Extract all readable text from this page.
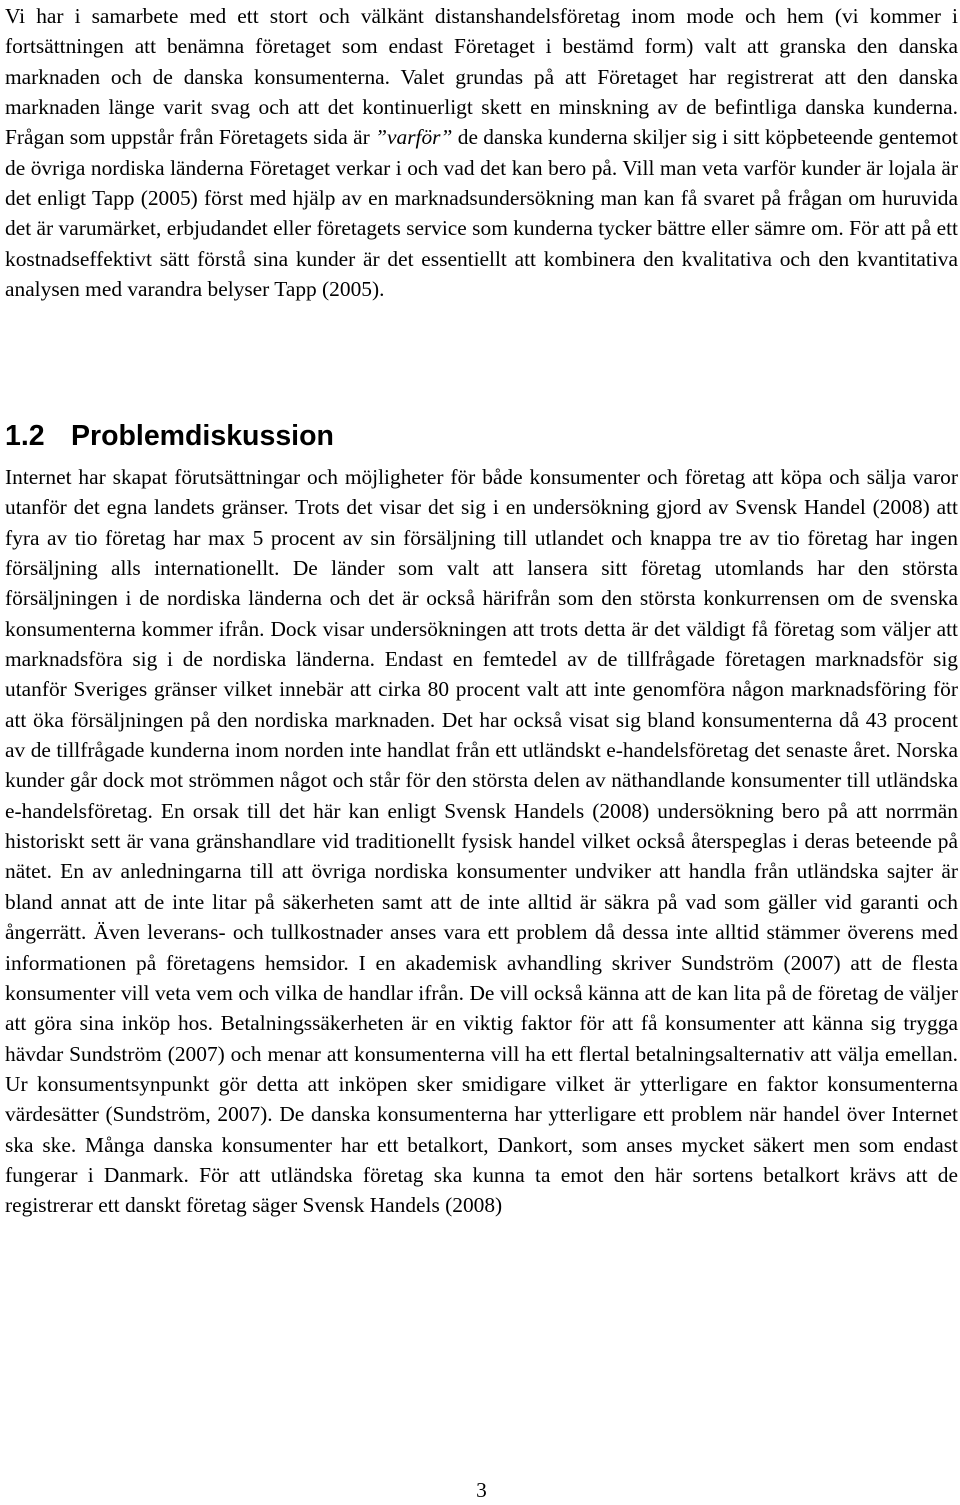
Vi har i samarbete med ett stort och välkänt distanshandelsföretag inom mode och hem (vi kommer i fortsättningen att benämna företaget som endast Företaget i bestämd form) valt att granska den danska marknaden och de danska konsumenterna. Valet grundas på att Företaget har registrerat att den danska marknaden länge varit svag och att det kontinuerligt skett en minskning av de befintliga danska kunderna. Frågan som uppstår från Företagets sida är ”varför” de danska kunderna skiljer sig i sitt köpbeteende gentemot de övriga nordiska länderna Företaget verkar i och vad det kan bero på. Vill man veta varför kunder är lojala är det enligt Tapp (2005) först med hjälp av en marknadsundersökning man kan få svaret på frågan om huruvida det är varumärket, erbjudandet eller företagets service som kunderna tycker bättre eller sämre om. För att på ett kostnadseffektivt sätt förstå sina kunder är det essentiellt att kombinera den kvalitativa och den kvantitativa analysen med varandra belyser Tapp (2005).

1.2 Problemdiskussion

Internet har skapat förutsättningar och möjligheter för både konsumenter och företag att köpa och sälja varor utanför det egna landets gränser. Trots det visar det sig i en undersökning gjord av Svensk Handel (2008) att fyra av tio företag har max 5 procent av sin försäljning till utlandet och knappa tre av tio företag har ingen försäljning alls internationellt. De länder som valt att lansera sitt företag utomlands har den största försäljningen i de nordiska länderna och det är också härifrån som den största konkurrensen om de svenska konsumenterna kommer ifrån. Dock visar undersökningen att trots detta är det väldigt få företag som väljer att marknadsföra sig i de nordiska länderna. Endast en femtedel av de tillfrågade företagen marknadsför sig utanför Sveriges gränser vilket innebär att cirka 80 procent valt att inte genomföra någon marknadsföring för att öka försäljningen på den nordiska marknaden. Det har också visat sig bland konsumenterna då 43 procent av de tillfrågade kunderna inom norden inte handlat från ett utländskt e-handelsföretag det senaste året. Norska kunder går dock mot strömmen något och står för den största delen av näthandlande konsumenter till utländska e-handelsföretag. En orsak till det här kan enligt Svensk Handels (2008) undersökning bero på att norrmän historiskt sett är vana gränshandlare vid traditionellt fysisk handel vilket också återspeglas i deras beteende på nätet. En av anledningarna till att övriga nordiska konsumenter undviker att handla från utländska sajter är bland annat att de inte litar på säkerheten samt att de inte alltid är säkra på vad som gäller vid garanti och ångerrätt. Även leverans- och tullkostnader anses vara ett problem då dessa inte alltid stämmer överens med informationen på företagens hemsidor. I en akademisk avhandling skriver Sundström (2007) att de flesta konsumenter vill veta vem och vilka de handlar ifrån. De vill också känna att de kan lita på de företag de väljer att göra sina inköp hos. Betalningssäkerheten är en viktig faktor för att få konsumenter att känna sig trygga hävdar Sundström (2007) och menar att konsumenterna vill ha ett flertal betalningsalternativ att välja emellan. Ur konsumentsynpunkt gör detta att inköpen sker smidigare vilket är ytterligare en faktor konsumenterna värdesätter (Sundström, 2007). De danska konsumenterna har ytterligare ett problem när handel över Internet ska ske. Många danska konsumenter har ett betalkort, Dankort, som anses mycket säkert men som endast fungerar i Danmark. För att utländska företag ska kunna ta emot den här sortens betalkort krävs att de registrerar ett danskt företag säger Svensk Handels (2008)

3
